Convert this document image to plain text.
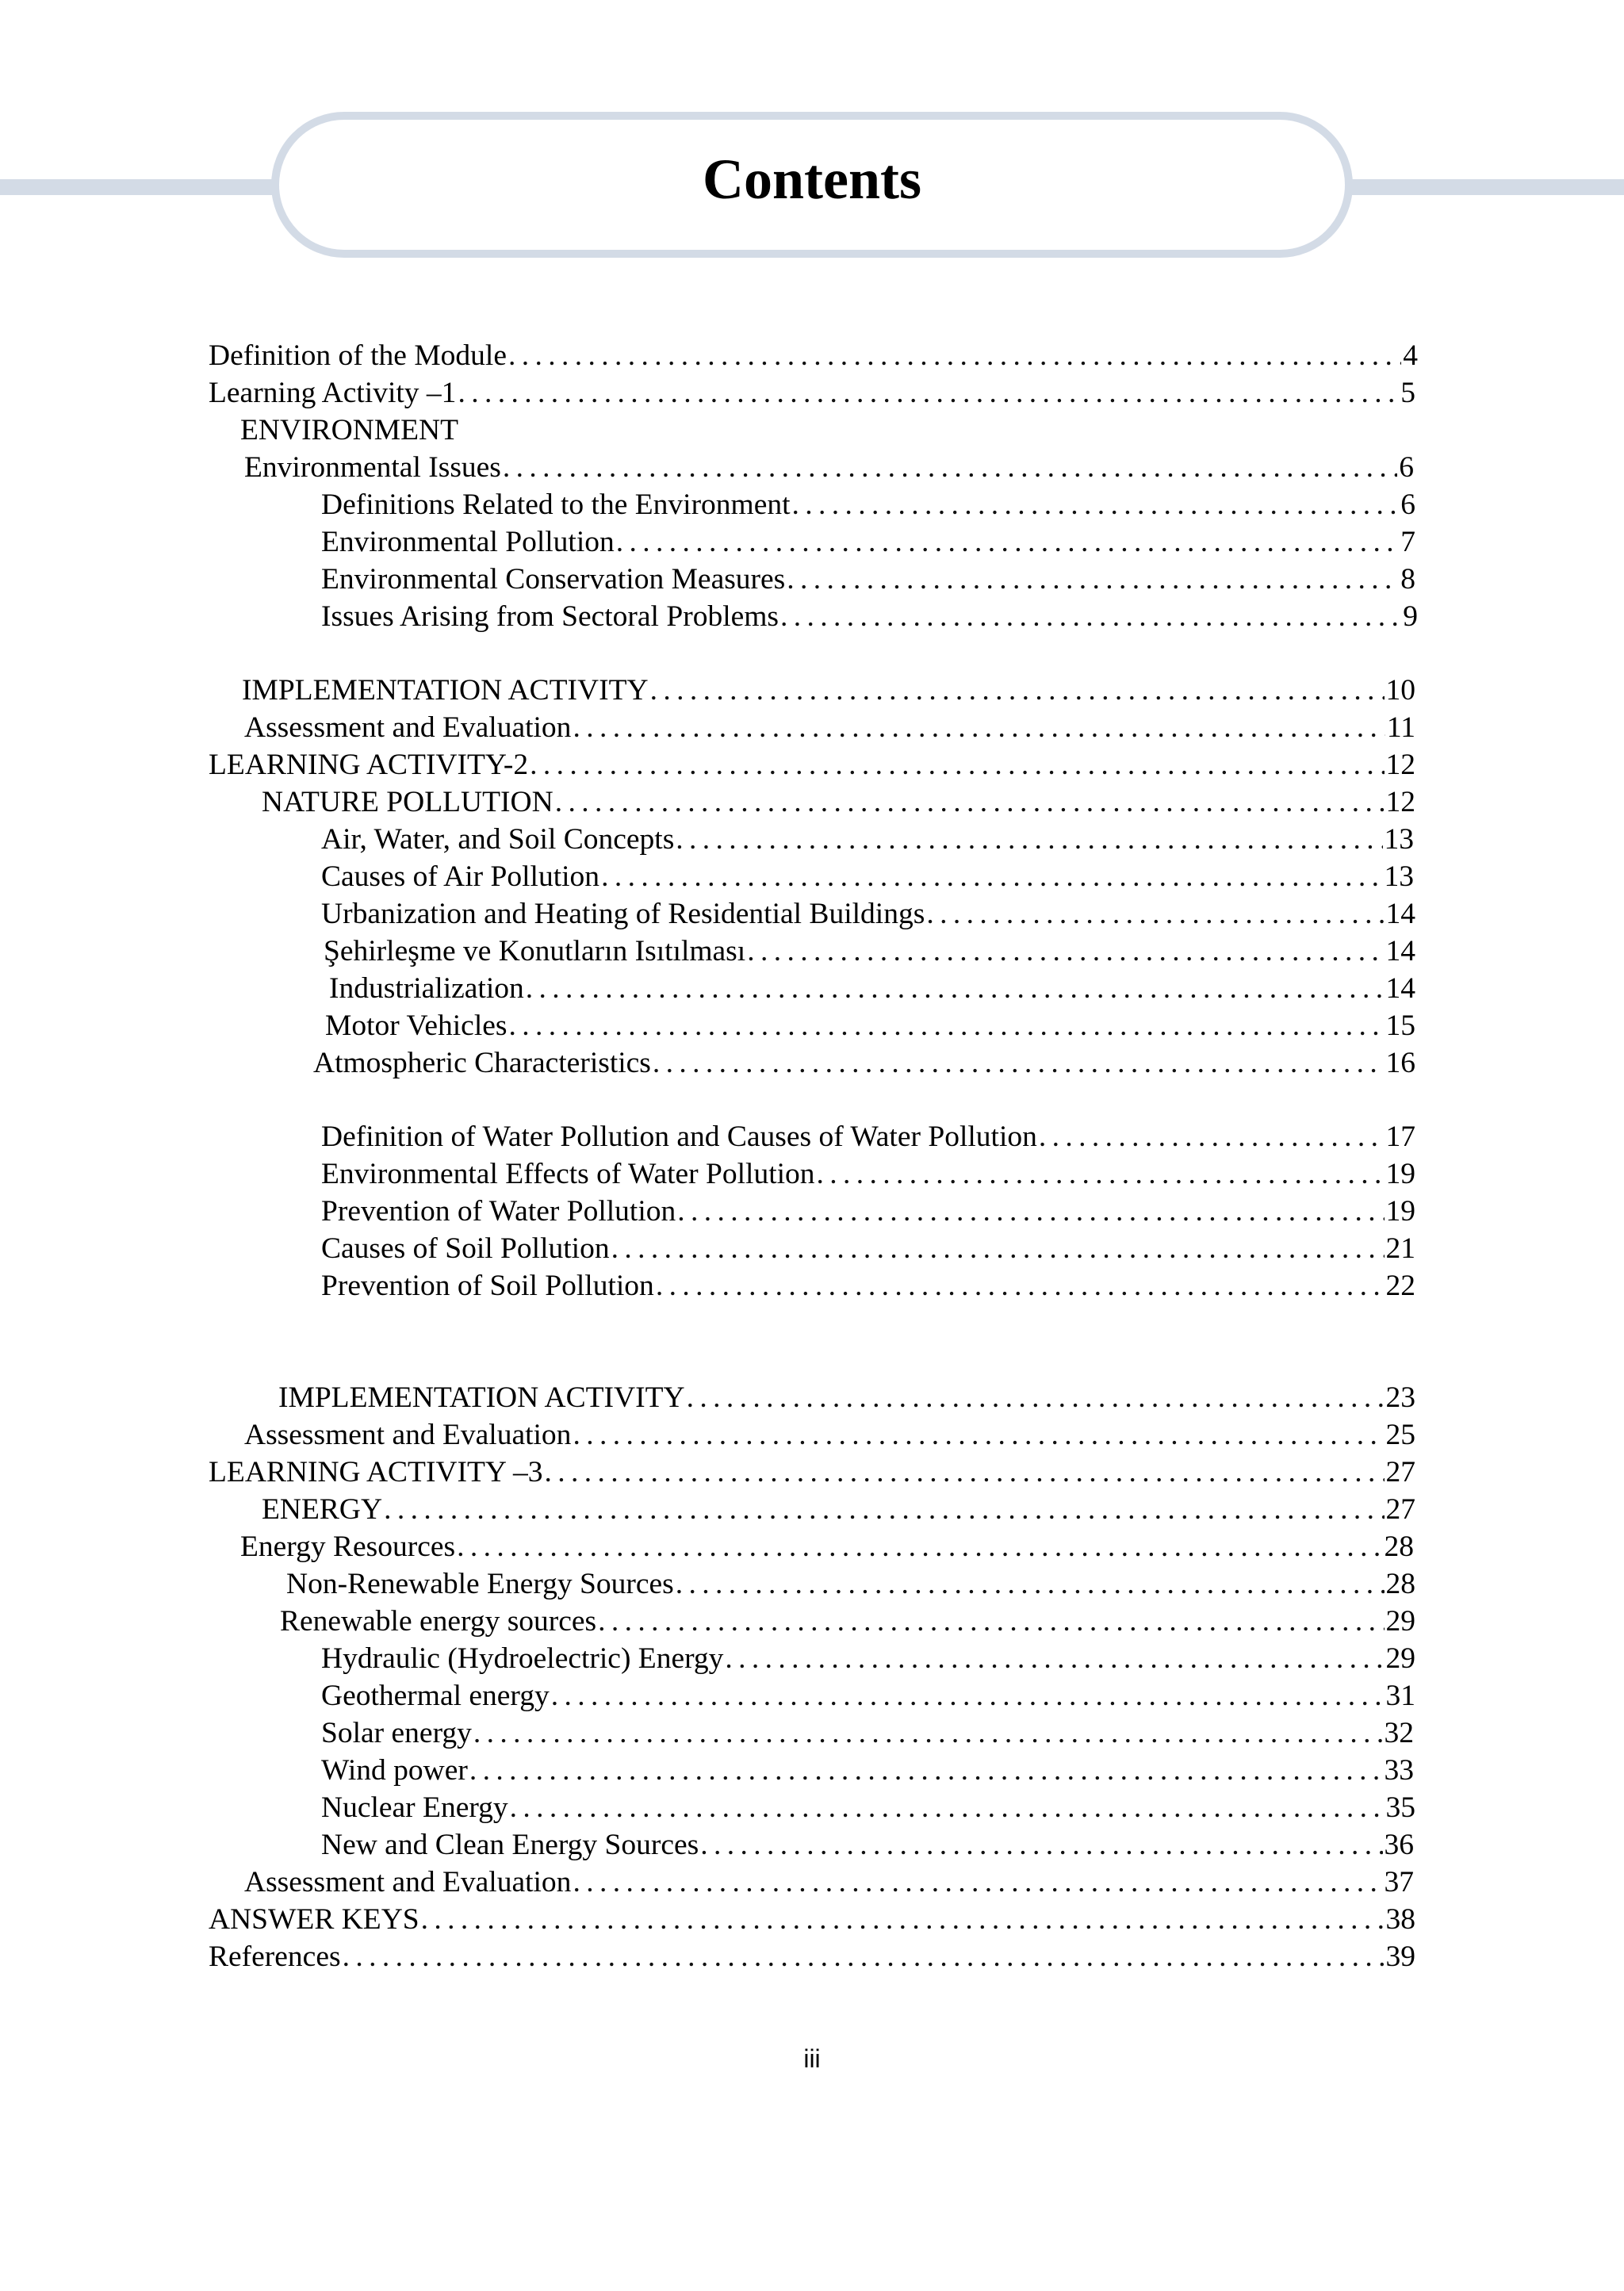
Contents
Definition of the Module . . .	4
Learning Activity –1 . . .	5
ENVIRONMENT
Environmental Issues . . .	6
Definitions Related to the Environment . . .	6
Environmental Pollution . . .	7
Environmental Conservation Measures . . .	8
Issues Arising from Sectoral Problems . . .	9
IMPLEMENTATION ACTIVITY . . .	10
Assessment and Evaluation . . .	11
LEARNING ACTIVITY-2 . . .	12
NATURE POLLUTION . . .	12
Air, Water, and Soil Concepts . . .	13
Causes of Air Pollution . . .	13
Urbanization and Heating of Residential Buildings . . .	14
Şehirleşme ve Konutların Isıtılması . . .	14
Industrialization . . .	14
Motor Vehicles . . .	15
Atmospheric Characteristics . . .	16
Definition of Water Pollution and Causes of Water Pollution . . .	17
Environmental Effects of Water Pollution . . .	19
Prevention of Water Pollution . . .	19
Causes of Soil Pollution . . .	21
Prevention of Soil Pollution . . .	22
IMPLEMENTATION ACTIVITY . . .	23
Assessment and Evaluation . . .	25
LEARNING ACTIVITY –3 . . .	27
ENERGY . . .	27
Energy Resources . . .	28
Non-Renewable Energy Sources . . .	28
Renewable energy sources . . .	29
Hydraulic (Hydroelectric) Energy . . .	29
Geothermal energy . . .	31
Solar energy . . .	32
Wind power . . .	33
Nuclear Energy . . .	35
New and Clean Energy Sources . . .	36
Assessment and Evaluation . . .	37
ANSWER KEYS . . .	38
References . . .	39
iii
